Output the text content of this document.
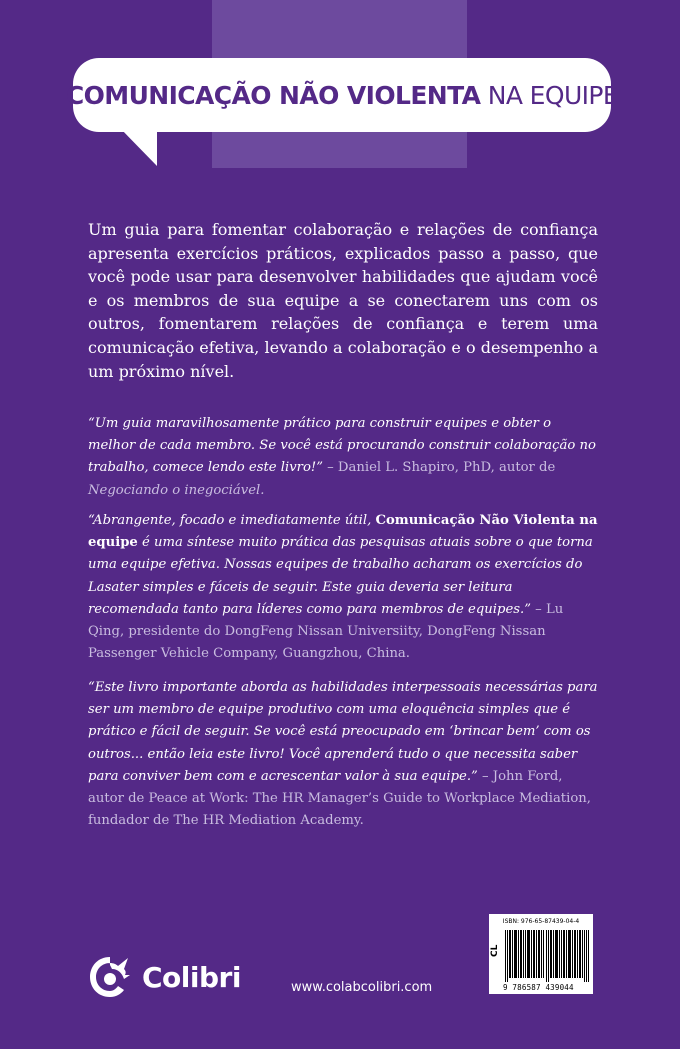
COMUNICAÇÃO NÃO VIOLENTA NA EQUIPE

Um guia para fomentar colaboração e relações de confiança apresenta exercícios práticos, explicados passo a passo, que você pode usar para desenvolver habilidades que ajudam você e os membros de sua equipe a se conectarem uns com os outros, fomentarem relações de confiança e terem uma comunicação efetiva, levando a colaboração e o desempenho a um próximo nível.

“Um guia maravilhosamente prático para construir equipes e obter o melhor de cada membro. Se você está procurando construir colaboração no trabalho, comece lendo este livro!” – Daniel L. Shapiro, PhD, autor de Negociando o inegociável.

“Abrangente, focado e imediatamente útil, Comunicação Não Violenta na equipe é uma síntese muito prática das pesquisas atuais sobre o que torna uma equipe efetiva. Nossas equipes de trabalho acharam os exercícios do Lasater simples e fáceis de seguir. Este guia deveria ser leitura recomendada tanto para líderes como para membros de equipes.” – Lu Qing, presidente do DongFeng Nissan Universiity, DongFeng Nissan Passenger Vehicle Company, Guangzhou, China.

“Este livro importante aborda as habilidades interpessoais necessárias para ser um membro de equipe produtivo com uma eloquência simples que é prático e fácil de seguir. Se você está preocupado em ‘brincar bem’ com os outros... então leia este livro! Você aprenderá tudo o que necessita saber para conviver bem com e acrescentar valor à sua equipe.” – John Ford, autor de Peace at Work: The HR Manager’s Guide to Workplace Mediation, fundador de The HR Mediation Academy.

Colibri	www.colabcolibri.com
ISBN: 976-65-87439-04-4
CL
9 786587 439044
